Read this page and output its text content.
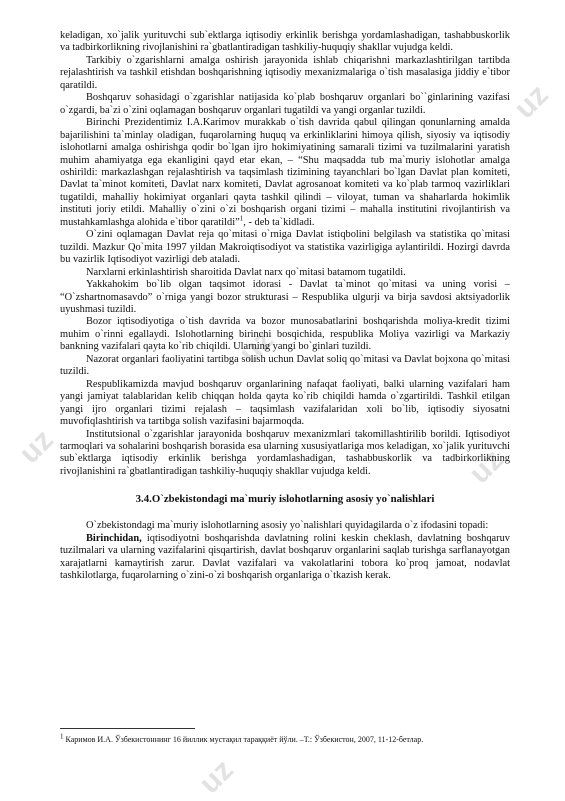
uz
uz
uz
uz
uz

keladigan, xo`jalik yurituvchi sub`ektlarga iqtisodiy erkinlik berishga yordamlashadigan, tashabbuskorlik va tadbirkorlikning rivojlanishini ra`gbatlantiradigan tashkiliy-huquqiy shakllar vujudga keldi.

Tarkibiy o`zgarishlarni amalga oshirish jarayonida ishlab chiqarishni markazlashtirilgan tartibda rejalashtirish va tashkil etishdan boshqarishning iqtisodiy mexanizmalariga o`tish masalasiga jiddiy e`tibor qaratildi.

Boshqaruv sohasidagi o`zgarishlar natijasida ko`plab boshqaruv organlari bo``ginlarining vazifasi o`zgardi, ba`zi o`zini oqlamagan boshqaruv organlari tugatildi va yangi organlar tuzildi.

Birinchi Prezidentimiz I.A.Karimov murakkab o`tish davrida qabul qilingan qonunlarning amalda bajarilishini ta`minlay oladigan, fuqarolarning huquq va erkinliklarini himoya qilish, siyosiy va iqtisodiy islohotlarni amalga oshirishga qodir bo`lgan ijro hokimiyatining samarali tizimi va tuzilmalarini yaratish muhim ahamiyatga ega ekanligini qayd etar ekan, – “Shu maqsadda tub ma`muriy islohotlar amalga oshirildi: markazlashgan rejalashtirish va taqsimlash tizimining tayanchlari bo`lgan Davlat plan komiteti, Davlat ta`minot komiteti, Davlat narx komiteti, Davlat agrosanoat komiteti va ko`plab tarmoq vazirliklari tugatildi, mahalliy hokimiyat organlari qayta tashkil qilindi – viloyat, tuman va shaharlarda hokimlik instituti joriy etildi. Mahalliy o`zini o`zi boshqarish organi tizimi – mahalla institutini rivojlantirish va mustahkamlashga alohida e`tibor qaratildi”$^1$, - deb ta`kidladi.

O`zini oqlamagan Davlat reja qo`mitasi o`rniga Davlat istiqbolini belgilash va statistika qo`mitasi tuzildi. Mazkur Qo`mita 1997 yildan Makroiqtisodiyot va statistika vazirligiga aylantirildi. Hozirgi davrda bu vazirlik Iqtisodiyot vazirligi deb ataladi.

Narxlarni erkinlashtirish sharoitida Davlat narx qo`mitasi batamom tugatildi.

Yakkahokim bo`lib olgan taqsimot idorasi - Davlat ta`minot qo`mitasi va uning vorisi – “O`zshartnomasavdo” o`rniga yangi bozor strukturasi – Respublika ulgurji va birja savdosi aktsiyadorlik uyushmasi tuzildi.

Bozor iqtisodiyotiga o`tish davrida va bozor munosabatlarini boshqarishda moliya-kredit tizimi muhim o`rinni egallaydi. Islohotlarning birinchi bosqichida, respublika Moliya vazirligi va Markaziy bankning vazifalari qayta ko`rib chiqildi. Ularning yangi bo`ginlari tuzildi.

Nazorat organlari faoliyatini tartibga solish uchun Davlat soliq qo`mitasi va Davlat bojxona qo`mitasi tuzildi.

Respublikamizda mavjud boshqaruv organlarining nafaqat faoliyati, balki ularning vazifalari ham yangi jamiyat talablaridan kelib chiqqan holda qayta ko`rib chiqildi hamda o`zgartirildi. Tashkil etilgan yangi ijro organlari tizimi rejalash – taqsimlash vazifalaridan xoli bo`lib, iqtisodiy siyosatni muvofiqlashtirish va tartibga solish vazifasini bajarmoqda.

Institutsional o`zgarishlar jarayonida boshqaruv mexanizmlari takomillashtirilib borildi. Iqtisodiyot tarmoqlari va sohalarini boshqarish borasida esa ularning xususiyatlariga mos keladigan, xo`jalik yurituvchi sub`ektlarga iqtisodiy erkinlik berishga yordamlashadigan, tashabbuskorlik va tadbirkorlikning rivojlanishini ra`gbatlantiradigan tashkiliy-huquqiy shakllar vujudga keldi.

3.4.O`zbekistondagi ma`muriy islohotlarning asosiy yo`nalishlari

O`zbekistondagi ma`muriy islohotlarning asosiy yo`nalishlari quyidagilarda o`z ifodasini topadi:

Birinchidan, iqtisodiyotni boshqarishda davlatning rolini keskin cheklash, davlatning boshqaruv tuzilmalari va ularning vazifalarini qisqartirish, davlat boshqaruv organlarini saqlab turishga sarflanayotgan xarajatlarni kamaytirish zarur. Davlat vazifalari va vakolatlarini tobora ko`proq jamoat, nodavlat tashkilotlarga, fuqarolarning o`zini-o`zi boshqarish organlariga o`tkazish kerak.

$^1$ Каримов И.А. Ўзбекистоннинг 16 йиллик мустақил тараққиёт йўли. –Т.: Ўзбекистон, 2007, 11-12-бетлар.
